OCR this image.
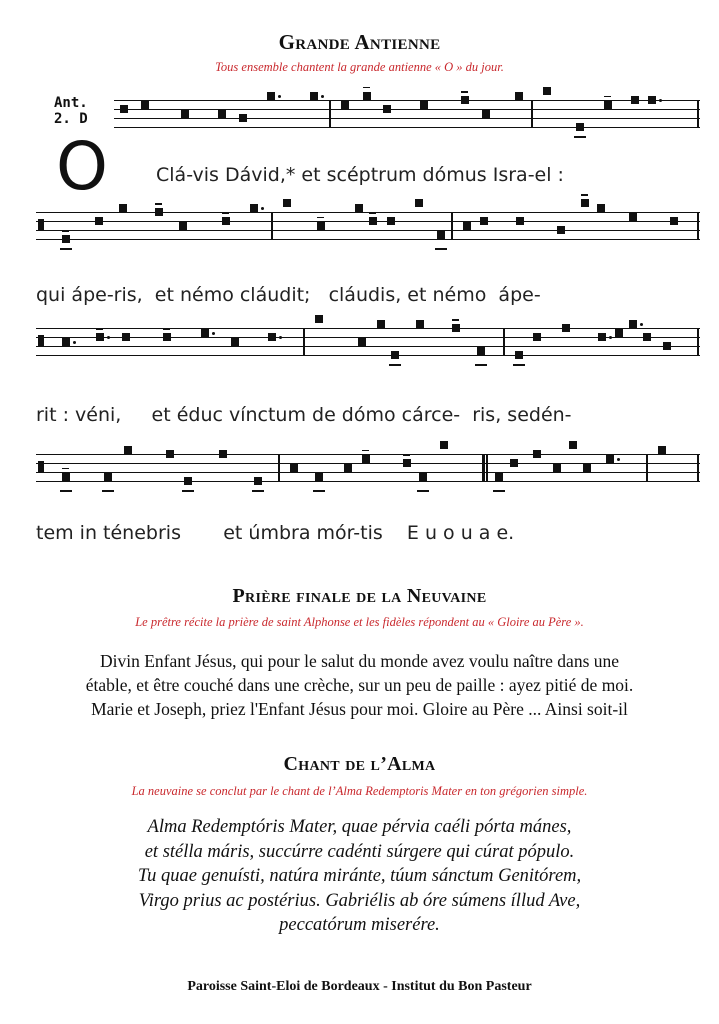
Grande Antienne
Tous ensemble chantent la grande antienne « O » du jour.
Ant.
2. D
O	Clá-vis Dávid,* et scéptrum dómus Isra-el :
qui ápe-ris,  et némo cláudit;   cláudis, et némo  ápe-
rit : véni,     et éduc vínctum de dómo cárce-  ris, sedén-
tem in ténebris       et úmbra mór-tis    E u o u a e.
Prière finale de la Neuvaine
Le prêtre récite la prière de saint Alphonse et les fidèles répondent au « Gloire au Père ».
Divin Enfant Jésus, qui pour le salut du monde avez voulu naître dans une
étable, et être couché dans une crèche, sur un peu de paille : ayez pitié de moi.
Marie et Joseph, priez l'Enfant Jésus pour moi. Gloire au Père ... Ainsi soit-il
Chant de l’Alma
La neuvaine se conclut par le chant de l’Alma Redemptoris Mater en ton grégorien simple.
Alma Redemptóris Mater, quae pérvia caéli pórta mánes,
et stélla máris, succúrre cadénti súrgere qui cúrat pópulo.
Tu quae genuísti, natúra miránte, túum sánctum Genitórem,
Virgo prius ac postérius. Gabriélis ab óre súmens íllud Ave,
peccatórum miserére.
Paroisse Saint-Eloi de Bordeaux - Institut du Bon Pasteur
